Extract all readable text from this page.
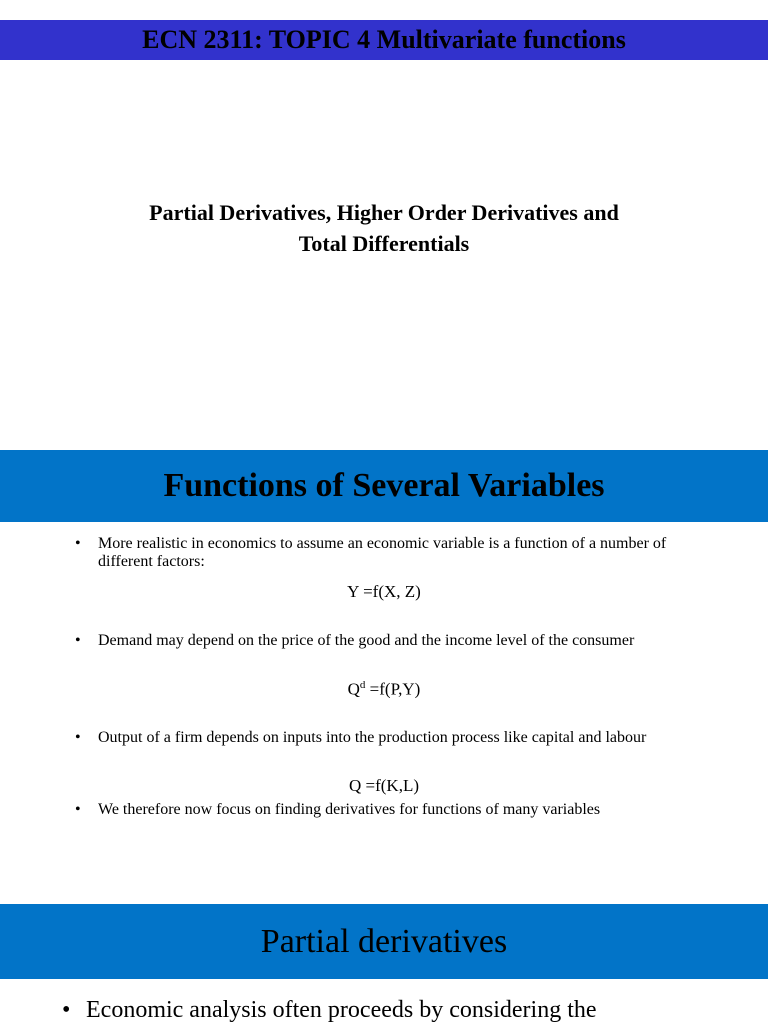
ECN 2311: TOPIC 4 Multivariate functions
Partial Derivatives, Higher Order Derivatives and
Total Differentials
Functions of Several Variables
•	More realistic in economics to assume an economic variable is a function of a number of different factors:
Y =f(X, Z)
•	Demand may depend on the price of the good and the income level of the consumer
$Q^d =f(P,Y)$
•	Output of a firm depends on inputs into the production process like capital and labour
Q =f(K,L)
•	We therefore now focus on finding derivatives for functions of many variables
Partial derivatives
• Economic analysis often proceeds by considering the
